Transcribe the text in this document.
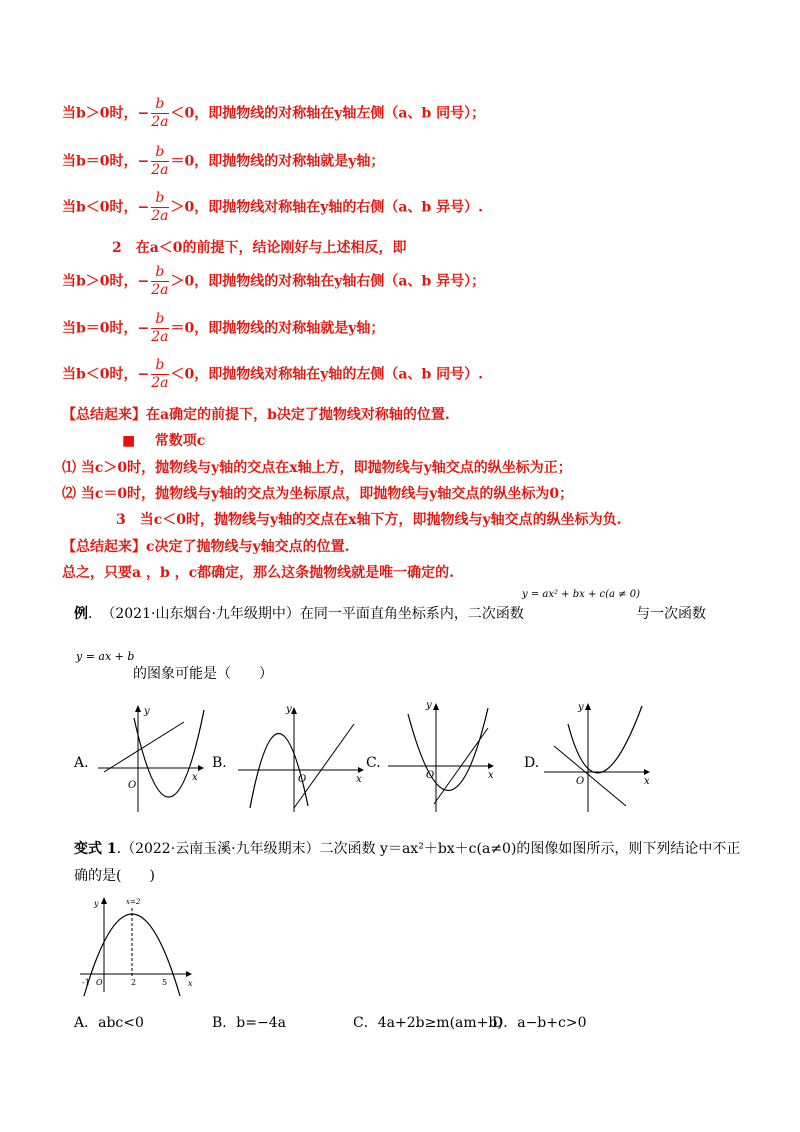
当b＞0时，− $\frac{b}{2a} <0$，即抛物线的对称轴在y轴左侧（a、b 同号）；
当b＝0时，− $\frac{b}{2a} =0$，即抛物线的对称轴就是y轴；
当b＜0时，− $\frac{b}{2a} >0$，即抛物线对称轴在y轴的右侧（a、b 异号）.
2　在a＜0的前提下，结论刚好与上述相反，即
当b＞0时，− $\frac{b}{2a} >0$，即抛物线的对称轴在y轴右侧（a、b 异号）；
当b＝0时，− $\frac{b}{2a} =0$，即抛物线的对称轴就是y轴；
当b＜0时，− $\frac{b}{2a} <0$，即抛物线对称轴在y轴的左侧（a、b 同号）.
【总结起来】在a确定的前提下，b决定了抛物线对称轴的位置.
■ 常数项c
⑴ 当c＞0时，抛物线与y轴的交点在x轴上方，即抛物线与y轴交点的纵坐标为正；
⑵ 当c＝0时，抛物线与y轴的交点为坐标原点，即抛物线与y轴交点的纵坐标为0；
3　当c＜0时，抛物线与y轴的交点在x轴下方，即抛物线与y轴交点的纵坐标为负.
【总结起来】c决定了抛物线与y轴交点的位置.
总之，只要a ，b ，c都确定，那么这条抛物线就是唯一确定的.
例. （2021·山东烟台·九年级期中）在同一平面直角坐标系内，二次函数
y = ax² + bx + c(a ≠ 0)
与一次函数
y = ax + b
的图象可能是（　　）
A.	B.	C.	D.
y
x
O
y
x
O
y
x
O
y
x
O
变式 1.（2022·云南玉溪·九年级期末）二次函数 y＝ax²＋bx＋c(a≠0)的图像如图所示，则下列结论中不正
确的是(　　)
y	x=2
x
O
-1	2	5
A．abc<0	B．b=−4a	C．4a+2b≥m(am+b)
D．a−b+c>0
